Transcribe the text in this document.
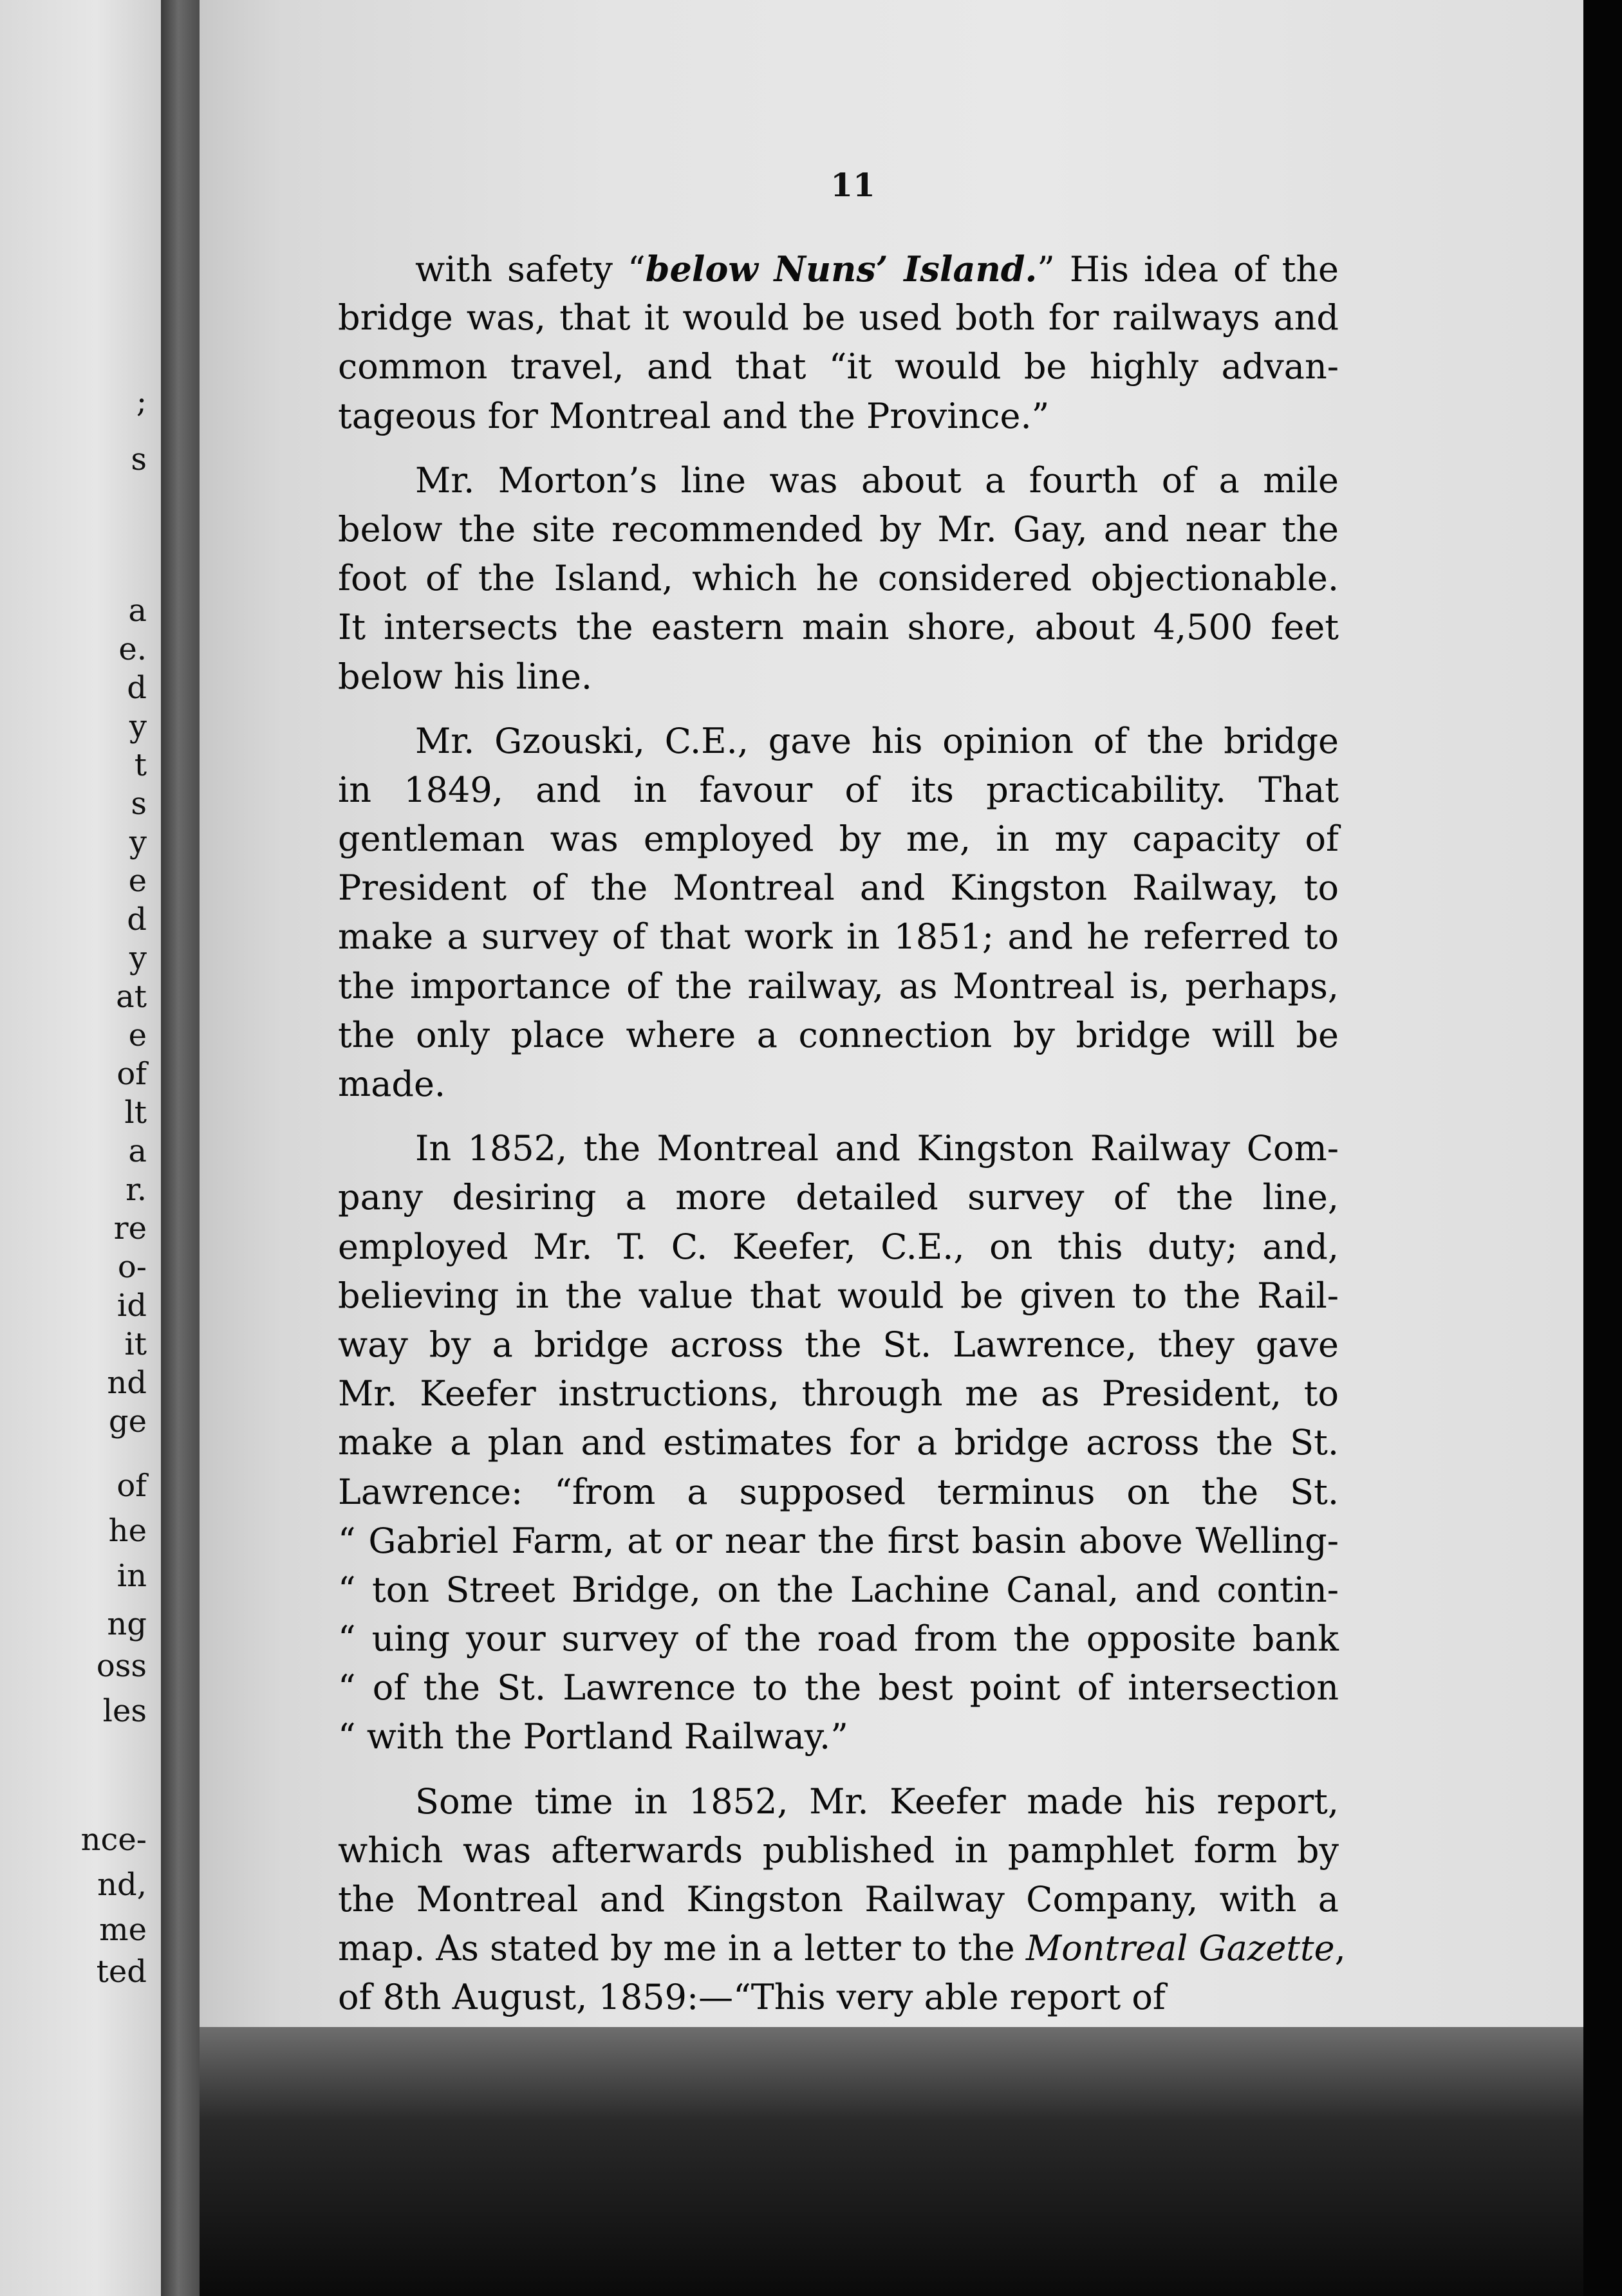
;
s
a
e.
d
y
t
s
y
e
d
y
at
e
of
lt
a
r.
re
o-
id
it
nd
ge
of
he
in
ng
oss
les
nce-
nd,
me
ted
11
with safety “below Nuns’ Island.” His idea of the
bridge was, that it would be used both for railways and
common travel, and that “it would be highly advan-
tageous for Montreal and the Province.”
Mr. Morton’s line was about a fourth of a mile
below the site recommended by Mr. Gay, and near the
foot of the Island, which he considered objectionable.
It intersects the eastern main shore, about 4,500 feet
below his line.
Mr. Gzouski, C.E., gave his opinion of the bridge
in 1849, and in favour of its practicability. That
gentleman was employed by me, in my capacity of
President of the Montreal and Kingston Railway, to
make a survey of that work in 1851; and he referred to
the importance of the railway, as Montreal is, perhaps,
the only place where a connection by bridge will be
made.
In 1852, the Montreal and Kingston Railway Com-
pany desiring a more detailed survey of the line,
employed Mr. T. C. Keefer, C.E., on this duty; and,
believing in the value that would be given to the Rail-
way by a bridge across the St. Lawrence, they gave
Mr. Keefer instructions, through me as President, to
make a plan and estimates for a bridge across the St.
Lawrence: “from a supposed terminus on the St.
“ Gabriel Farm, at or near the first basin above Welling-
“ ton Street Bridge, on the Lachine Canal, and contin-
“ uing your survey of the road from the opposite bank
“ of the St. Lawrence to the best point of intersection
“ with the Portland Railway.”
Some time in 1852, Mr. Keefer made his report,
which was afterwards published in pamphlet form by
the Montreal and Kingston Railway Company, with a
map. As stated by me in a letter to the Montreal Gazette,
of 8th August, 1859:—“This very able report of
